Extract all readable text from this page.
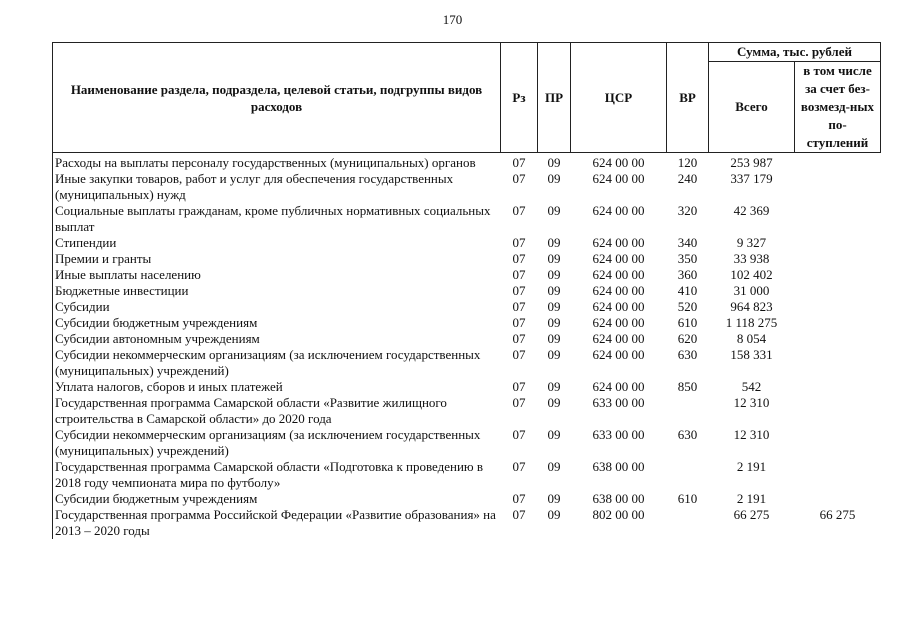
170
Наименование раздела, подраздела, целевой статьи, подгруппы видов расходов	Рз	ПР	ЦСР	ВР	Сумма, тыс. рублей	
					Всего	в том числе за счет без-возмезд-ных по-ступлений
Расходы на выплаты персоналу государственных (муниципальных) органов	07	09	624 00 00	120	253 987	
Иные закупки товаров, работ и услуг для обеспечения государственных (муниципальных) нужд	07	09	624 00 00	240	337 179	
Социальные выплаты гражданам, кроме публичных нормативных социальных выплат	07	09	624 00 00	320	42 369	
Стипендии	07	09	624 00 00	340	9 327	
Премии и гранты	07	09	624 00 00	350	33 938	
Иные выплаты населению	07	09	624 00 00	360	102 402	
Бюджетные инвестиции	07	09	624 00 00	410	31 000	
Субсидии	07	09	624 00 00	520	964 823	
Субсидии бюджетным учреждениям	07	09	624 00 00	610	1 118 275	
Субсидии автономным учреждениям	07	09	624 00 00	620	8 054	
Субсидии некоммерческим организациям (за исключением государственных (муниципальных) учреждений)	07	09	624 00 00	630	158 331	
Уплата налогов, сборов и иных платежей	07	09	624 00 00	850	542	
Государственная программа Самарской области «Развитие жилищного строительства в Самарской области» до 2020 года	07	09	633 00 00		12 310	
Субсидии некоммерческим организациям (за исключением государственных (муниципальных) учреждений)	07	09	633 00 00	630	12 310	
Государственная программа Самарской области «Подготовка к проведению в 2018 году чемпионата мира по футболу»	07	09	638 00 00		2 191	
Субсидии бюджетным учреждениям	07	09	638 00 00	610	2 191	
Государственная программа Российской Федерации «Развитие образования» на 2013 – 2020 годы	07	09	802 00 00		66 275	66 275
